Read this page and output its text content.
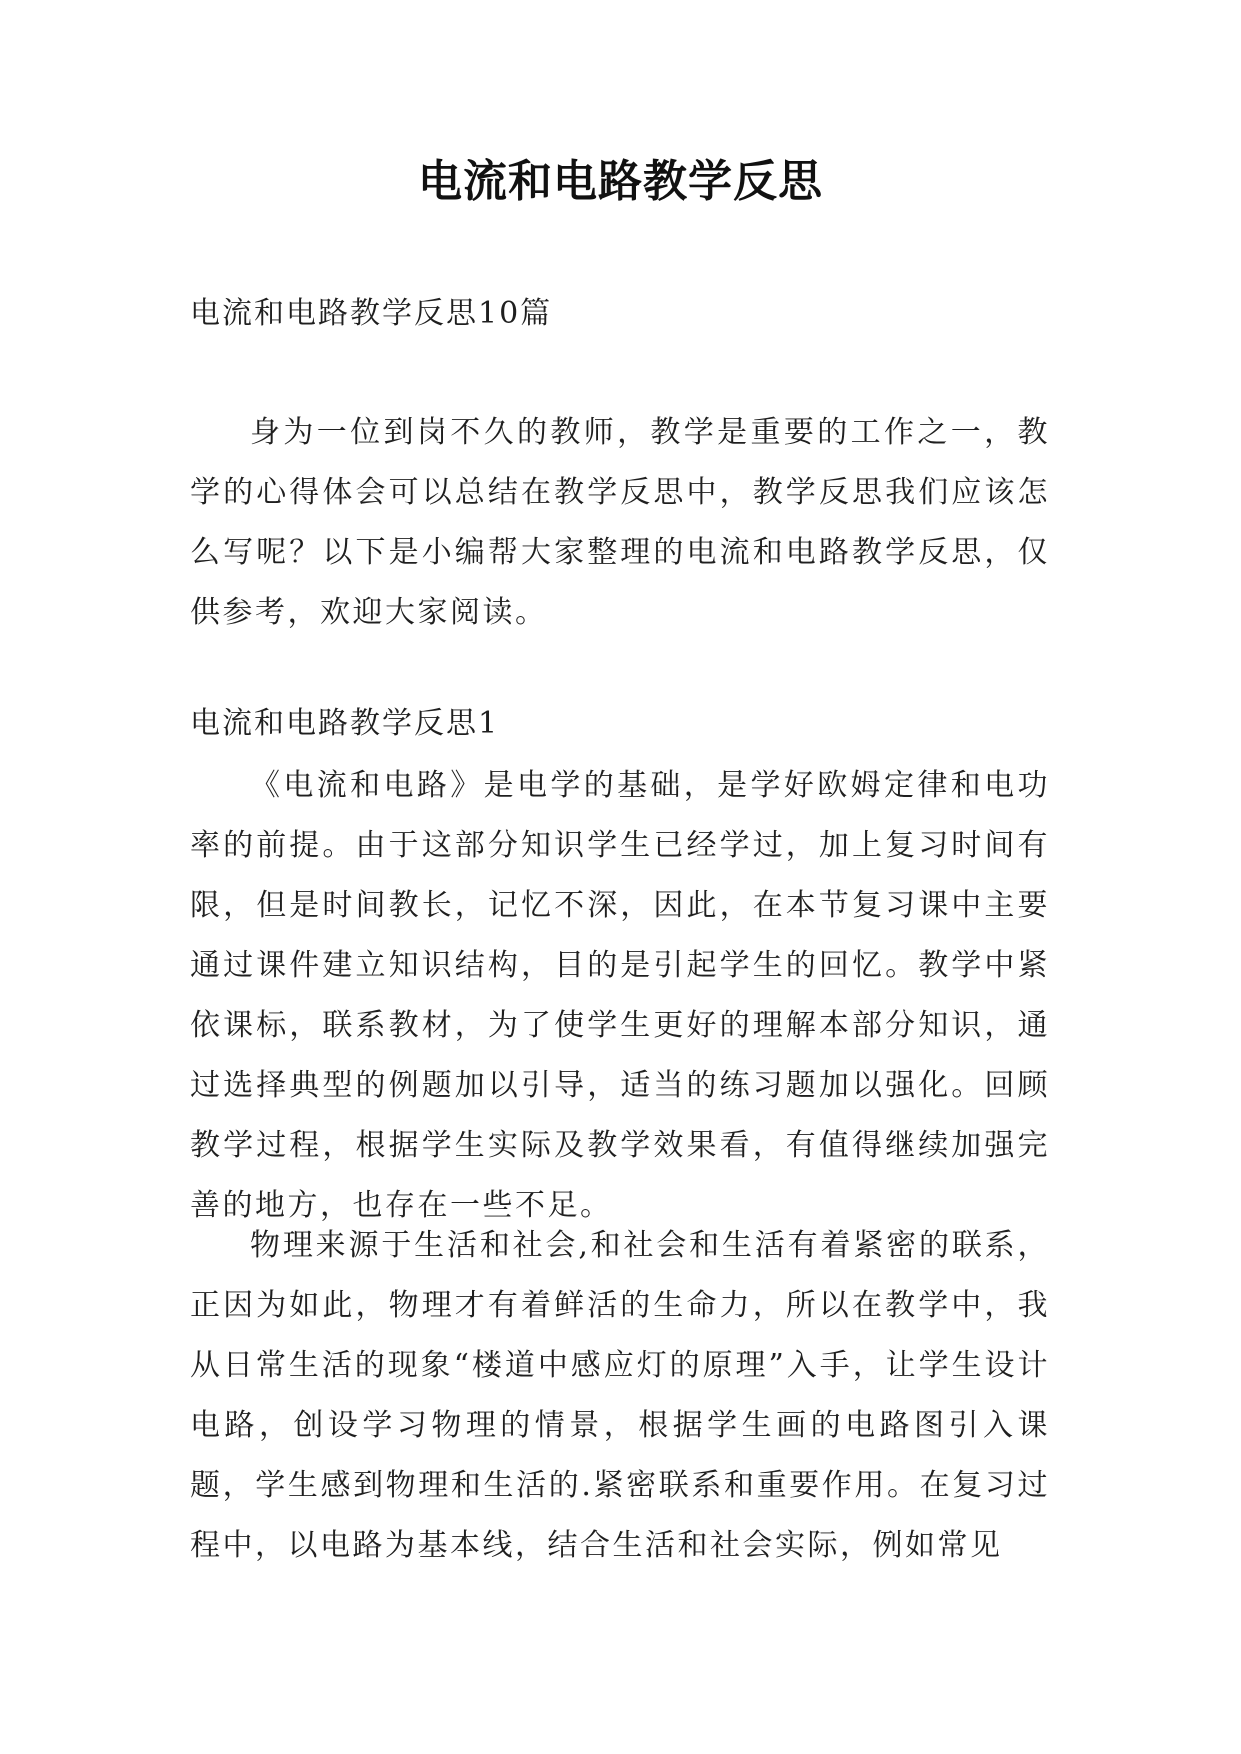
电流和电路教学反思

电流和电路教学反思10篇

身为一位到岗不久的教师，教学是重要的工作之一，教学的心得体会可以总结在教学反思中，教学反思我们应该怎么写呢？以下是小编帮大家整理的电流和电路教学反思，仅供参考，欢迎大家阅读。

电流和电路教学反思1

《电流和电路》是电学的基础，是学好欧姆定律和电功率的前提。由于这部分知识学生已经学过，加上复习时间有限，但是时间教长，记忆不深，因此，在本节复习课中主要通过课件建立知识结构，目的是引起学生的回忆。教学中紧依课标，联系教材，为了使学生更好的理解本部分知识，通过选择典型的例题加以引导，适当的练习题加以强化。回顾教学过程，根据学生实际及教学效果看，有值得继续加强完善的地方，也存在一些不足。

物理来源于生活和社会,和社会和生活有着紧密的联系，正因为如此，物理才有着鲜活的生命力，所以在教学中，我从日常生活的现象“楼道中感应灯的原理”入手，让学生设计电路，创设学习物理的情景，根据学生画的电路图引入课题，学生感到物理和生活的.紧密联系和重要作用。在复习过程中，以电路为基本线，结合生活和社会实际，例如常见
